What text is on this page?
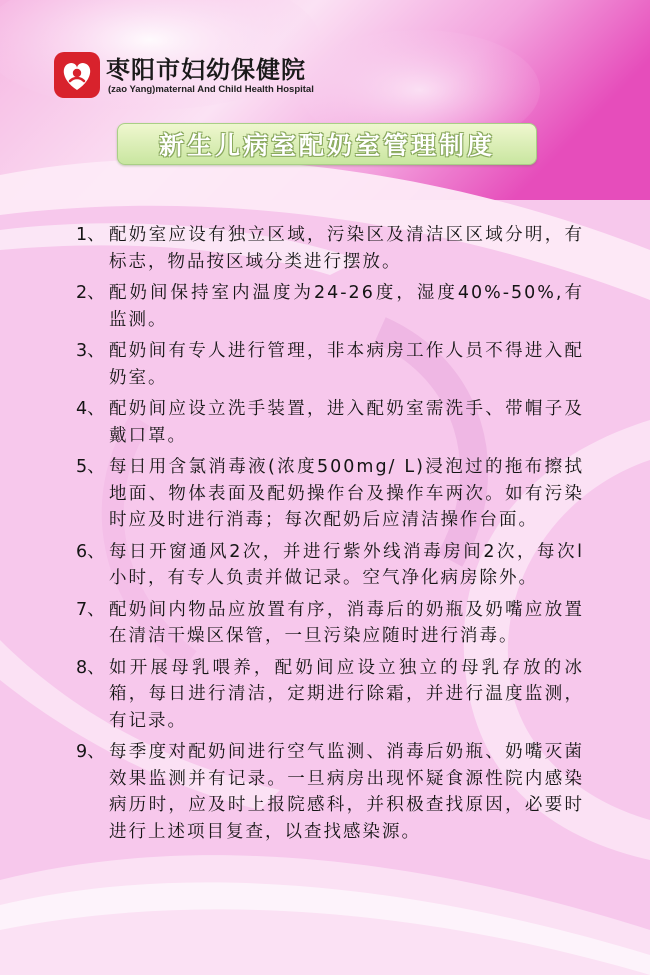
枣阳市妇幼保健院
(zao Yang)maternal And Child Health Hospital
新生儿病室配奶室管理制度
1、 配奶室应设有独立区域，污染区及清洁区区域分明，有标志，物品按区域分类进行摆放。
2、 配奶间保持室内温度为24-26度，湿度40%-50%,有监测。
3、 配奶间有专人进行管理，非本病房工作人员不得进入配奶室。
4、 配奶间应设立洗手装置，进入配奶室需洗手、带帽子及戴口罩。
5、 每日用含氯消毒液(浓度500mg/ L)浸泡过的拖布擦拭地面、物体表面及配奶操作台及操作车两次。如有污染时应及时进行消毒；每次配奶后应清洁操作台面。
6、 每日开窗通风2次，并进行紫外线消毒房间2次，每次l小时，有专人负责并做记录。空气净化病房除外。
7、 配奶间内物品应放置有序，消毒后的奶瓶及奶嘴应放置在清洁干燥区保管，一旦污染应随时进行消毒。
8、 如开展母乳喂养，配奶间应设立独立的母乳存放的冰箱，每日进行清洁，定期进行除霜，并进行温度监测，有记录。
9、 每季度对配奶间进行空气监测、消毒后奶瓶、奶嘴灭菌效果监测并有记录。一旦病房出现怀疑食源性院内感染病历时，应及时上报院感科，并积极查找原因，必要时进行上述项目复查，以查找感染源。
